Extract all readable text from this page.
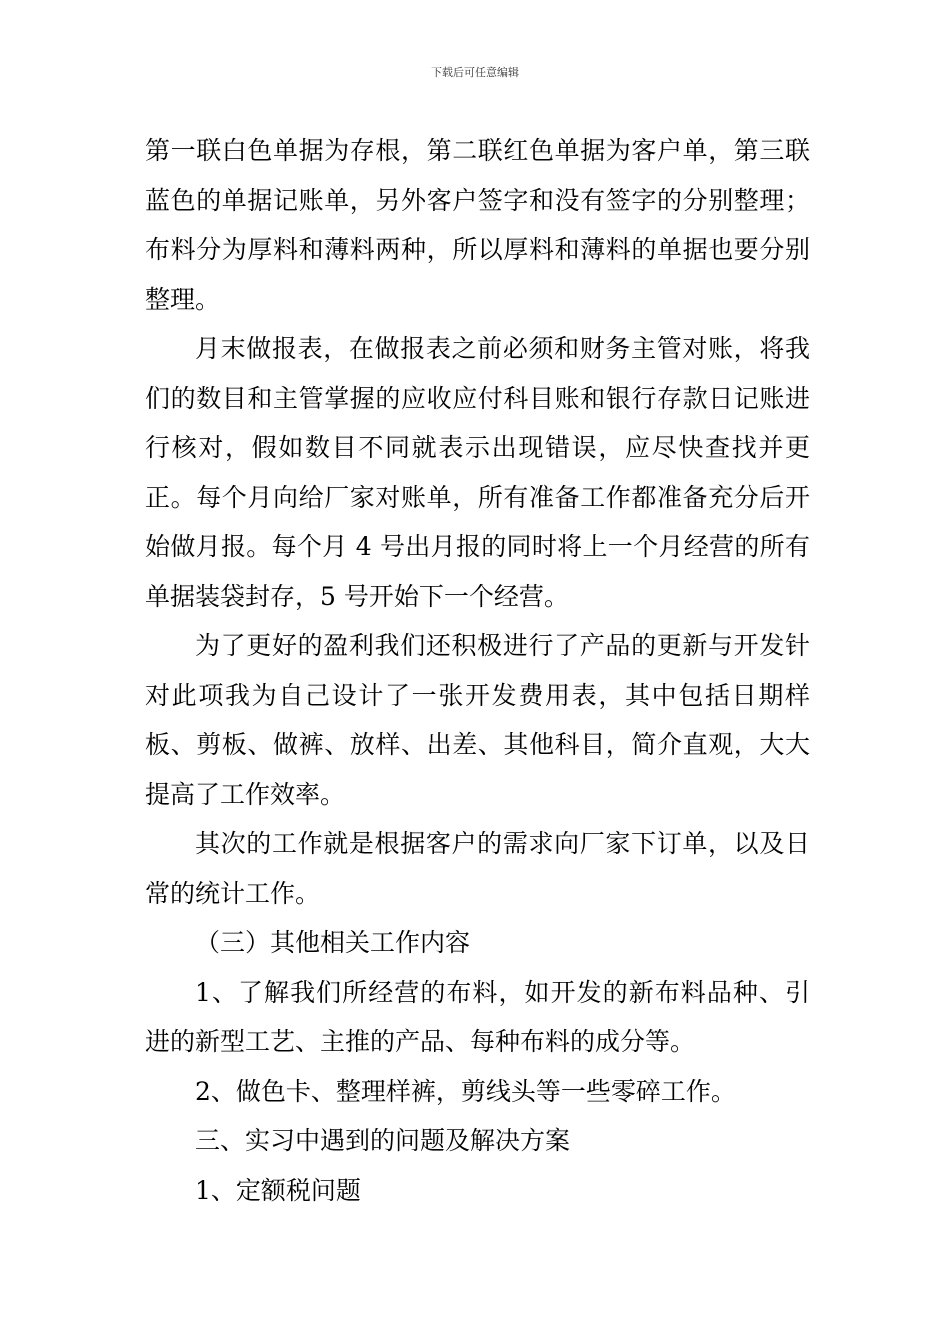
下载后可任意编辑

第一联白色单据为存根，第二联红色单据为客户单，第三联蓝色的单据记账单，另外客户签字和没有签字的分别整理；布料分为厚料和薄料两种，所以厚料和薄料的单据也要分别整理。

月末做报表，在做报表之前必须和财务主管对账，将我们的数目和主管掌握的应收应付科目账和银行存款日记账进行核对，假如数目不同就表示出现错误，应尽快查找并更正。每个月向给厂家对账单，所有准备工作都准备充分后开始做月报。每个月 4 号出月报的同时将上一个月经营的所有单据装袋封存，5 号开始下一个经营。

为了更好的盈利我们还积极进行了产品的更新与开发针对此项我为自己设计了一张开发费用表，其中包括日期样板、剪板、做裤、放样、出差、其他科目，简介直观，大大提高了工作效率。

其次的工作就是根据客户的需求向厂家下订单，以及日常的统计工作。

（三）其他相关工作内容

1、了解我们所经营的布料，如开发的新布料品种、引进的新型工艺、主推的产品、每种布料的成分等。

2、做色卡、整理样裤，剪线头等一些零碎工作。

三、实习中遇到的问题及解决方案

1、定额税问题
